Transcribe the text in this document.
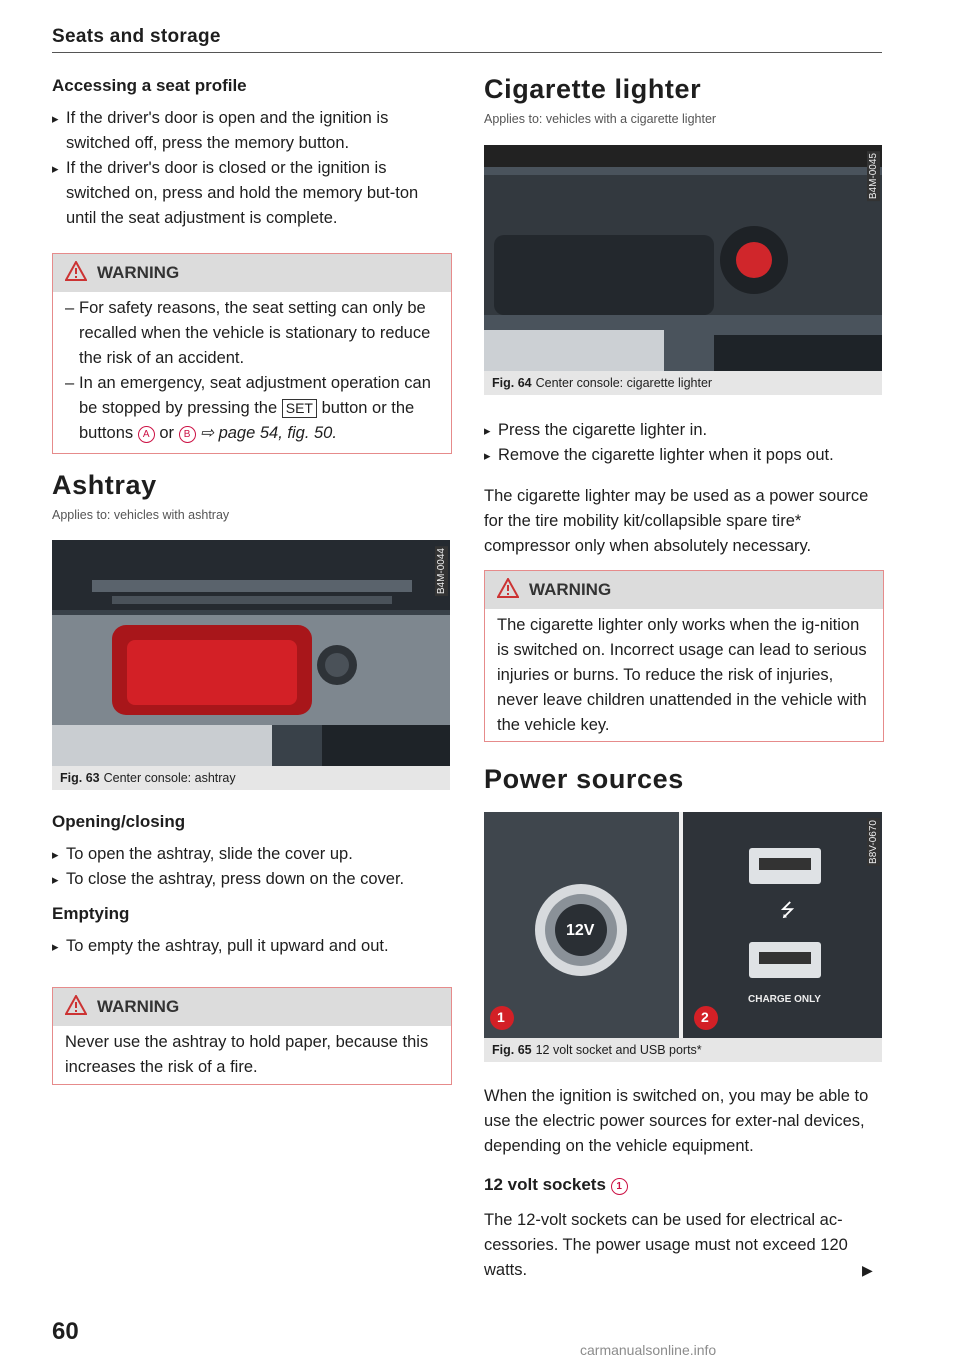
Seats and storage
Accessing a seat profile
▸ If the driver's door is open and the ignition is switched off, press the memory button.
▸ If the driver's door is closed or the ignition is switched on, press and hold the memory but-ton until the seat adjustment is complete.
WARNING
– For safety reasons, the seat setting can only be recalled when the vehicle is stationary to reduce the risk of an accident.
– In an emergency, seat adjustment operation can be stopped by pressing the SET button or the buttons A or B ⇨ page 54, fig. 50.
Ashtray
Applies to: vehicles with ashtray
B4M-0044
Fig. 63 Center console: ashtray
Opening/closing
▸ To open the ashtray, slide the cover up.
▸ To close the ashtray, press down on the cover.
Emptying
▸ To empty the ashtray, pull it upward and out.
WARNING
Never use the ashtray to hold paper, because this increases the risk of a fire.
60
Cigarette lighter
Applies to: vehicles with a cigarette lighter
B4M-0045
Fig. 64 Center console: cigarette lighter
▸ Press the cigarette lighter in.
▸ Remove the cigarette lighter when it pops out.
The cigarette lighter may be used as a power source for the tire mobility kit/collapsible spare tire* compressor only when absolutely necessary.
WARNING
The cigarette lighter only works when the ig-nition is switched on. Incorrect usage can lead to serious injuries or burns. To reduce the risk of injuries, never leave children unattended in the vehicle with the vehicle key.
Power sources
12V
⭍
CHARGE ONLY
1	2
B8V-0670
Fig. 65 12 volt socket and USB ports*
When the ignition is switched on, you may be able to use the electric power sources for exter-nal devices, depending on the vehicle equipment.
12 volt sockets 1
The 12-volt sockets can be used for electrical ac-cessories. The power usage must not exceed 120 watts.	▶
carmanualsonline.info
